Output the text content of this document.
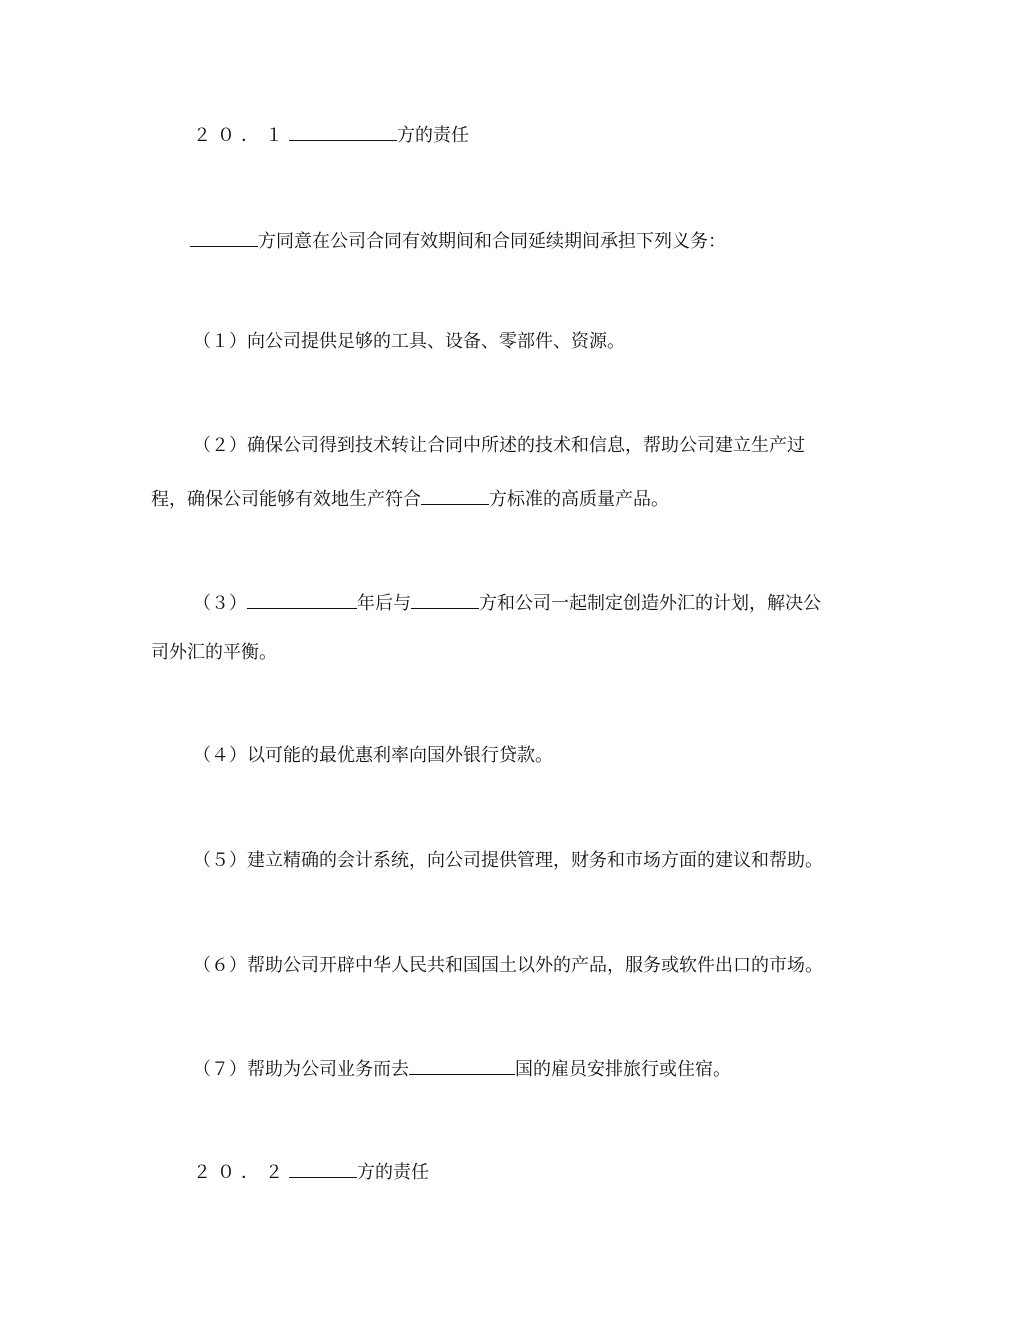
２０．１	方的责任

方同意在公司合同有效期间和合同延续期间承担下列义务：

（１）向公司提供足够的工具、设备、零部件、资源。

（２）确保公司得到技术转让合同中所述的技术和信息，帮助公司建立生产过

程，确保公司能够有效地生产符合	方标准的高质量产品。

（３）	年后与	方和公司一起制定创造外汇的计划，解决公

司外汇的平衡。

（４）以可能的最优惠利率向国外银行贷款。

（５）建立精确的会计系统，向公司提供管理，财务和市场方面的建议和帮助。

（６）帮助公司开辟中华人民共和国国土以外的产品，服务或软件出口的市场。

（７）帮助为公司业务而去	国的雇员安排旅行或住宿。

２０．２	方的责任
